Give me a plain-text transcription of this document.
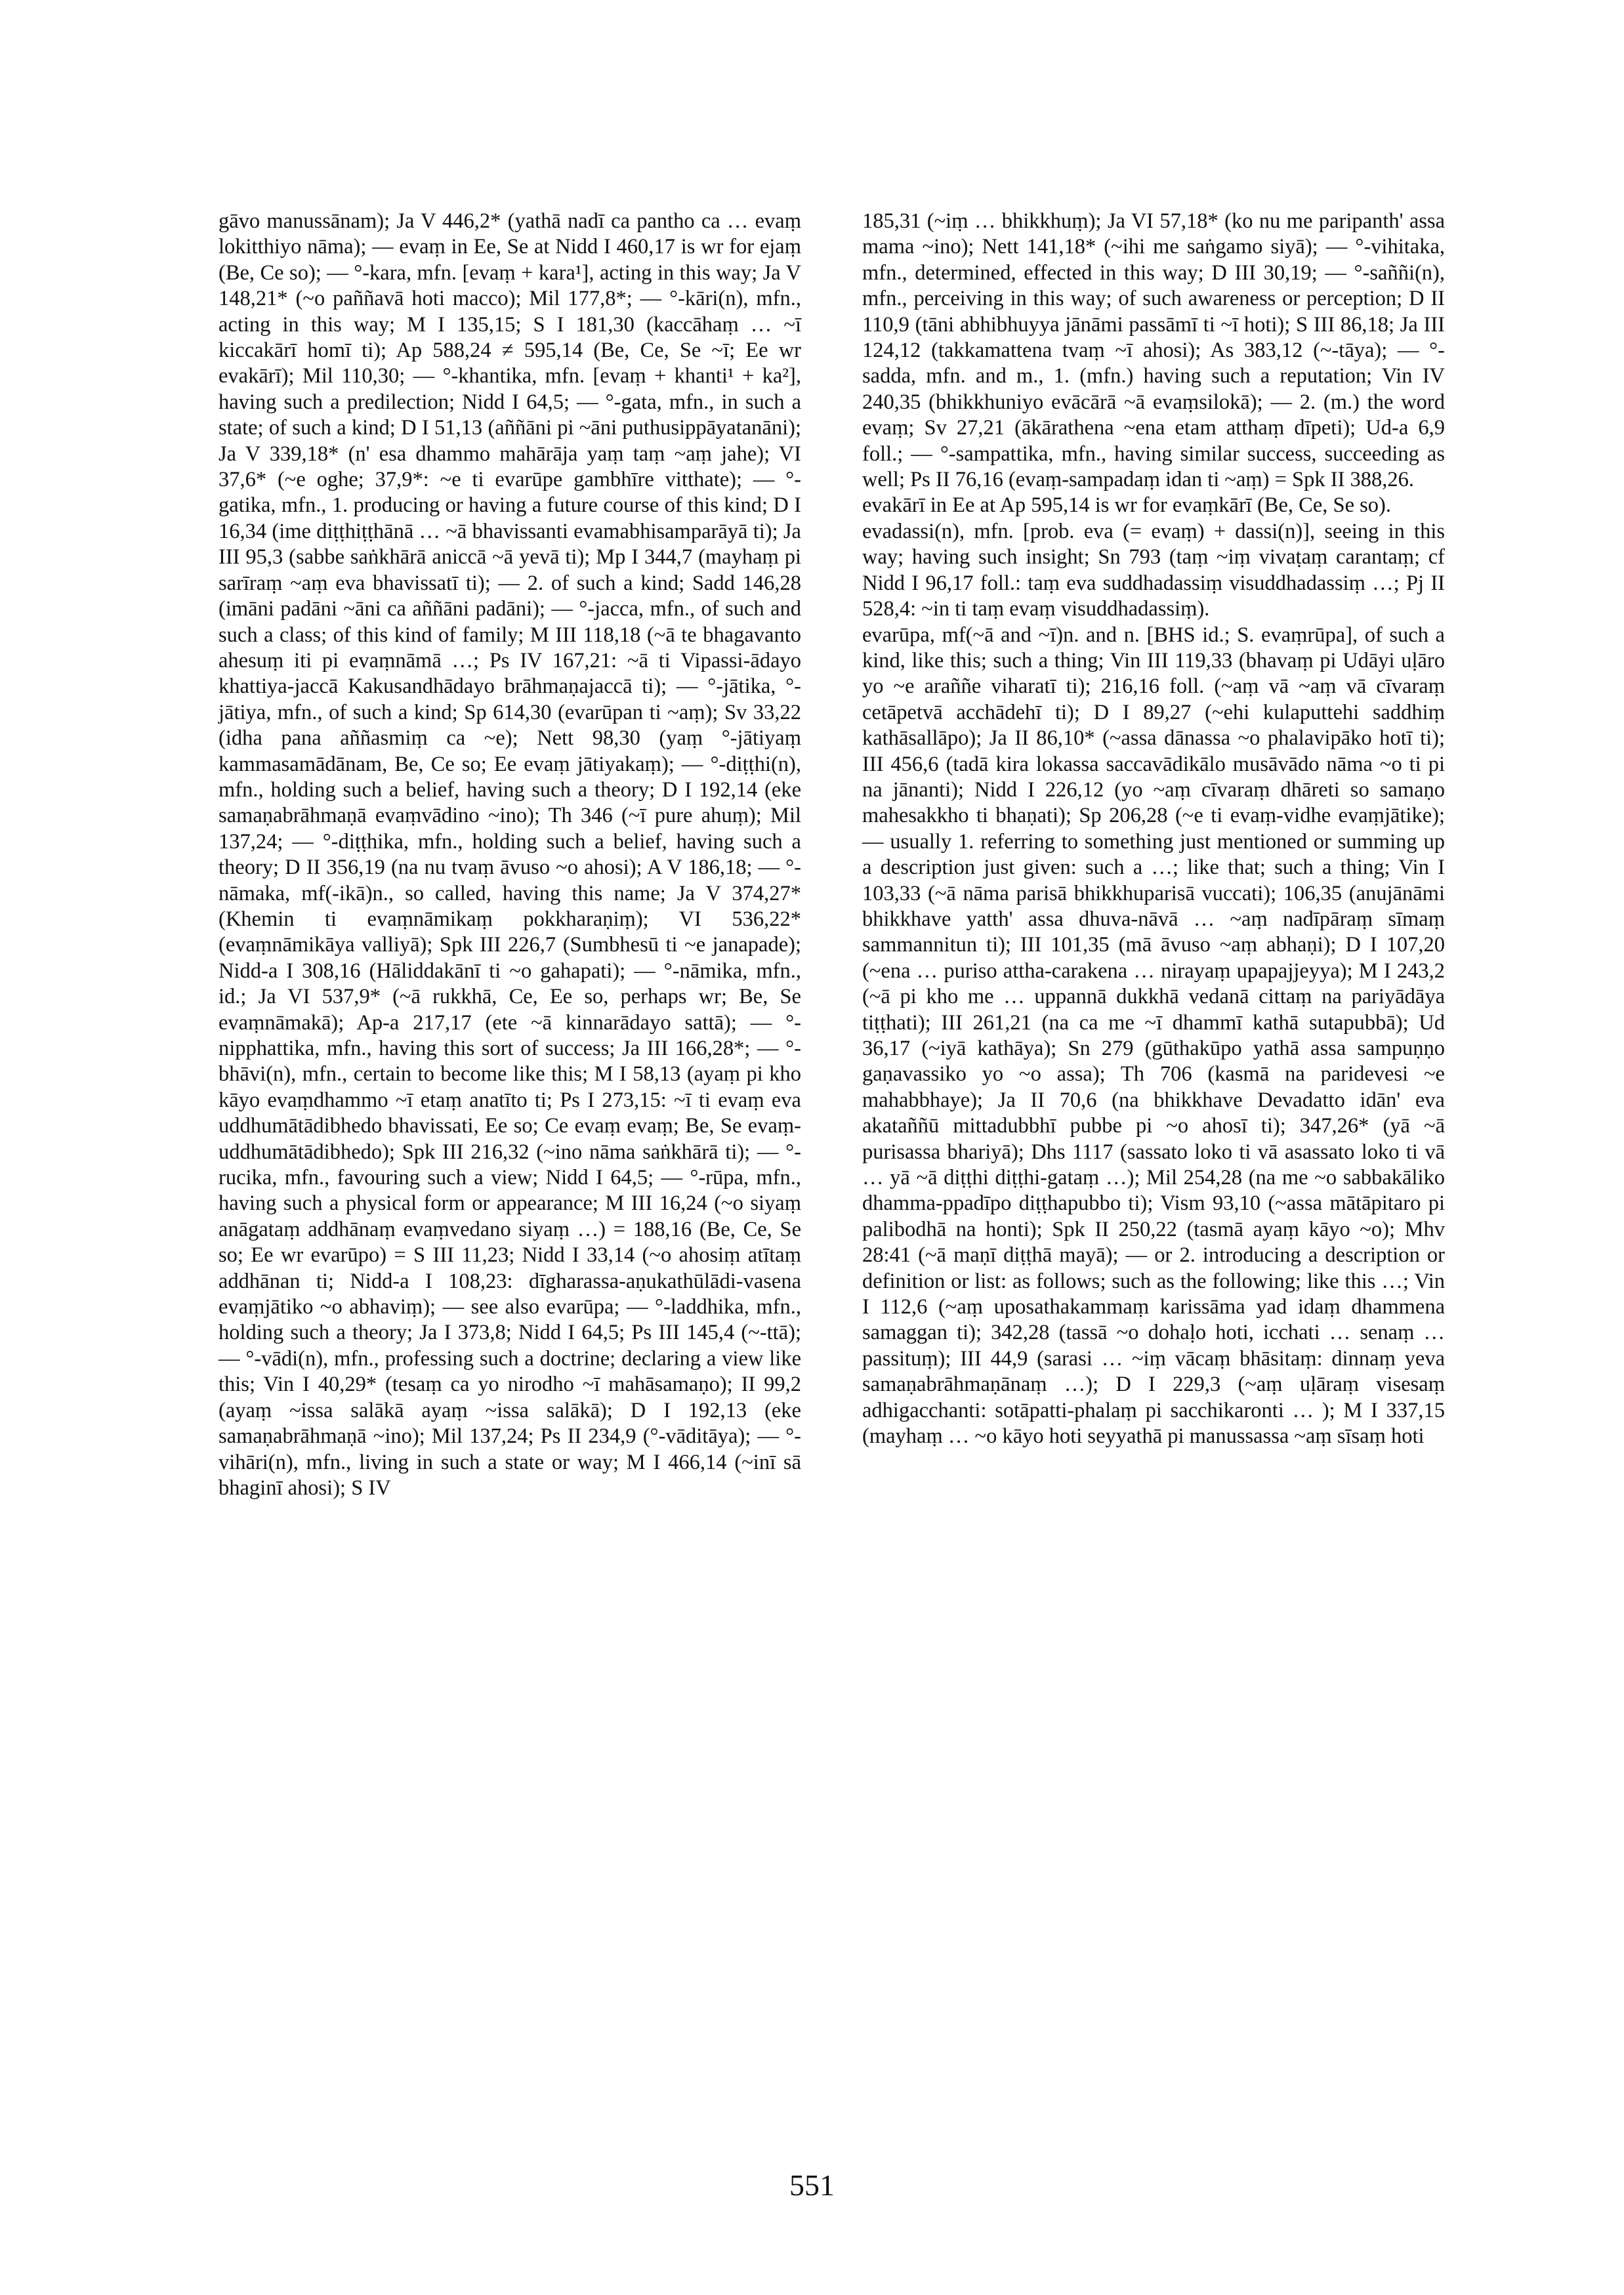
gāvo manussānam); Ja V 446,2* (yathā nadī ca pantho ca … evaṃ lokitthiyo nāma); — evaṃ in Ee, Se at Nidd I 460,17 is wr for ejaṃ (Be, Ce so); — °-kara, mfn. [evaṃ + kara¹], acting in this way; Ja V 148,21* (~o paññavā hoti macco); Mil 177,8*; — °-kāri(n), mfn., acting in this way; M I 135,15; S I 181,30 (kaccāhaṃ … ~ī kiccakārī homī ti); Ap 588,24 ≠ 595,14 (Be, Ce, Se ~ī; Ee wr evakārī); Mil 110,30; — °-khantika, mfn. [evaṃ + khanti¹ + ka²], having such a predilection; Nidd I 64,5; — °-gata, mfn., in such a state; of such a kind; D I 51,13 (aññāni pi ~āni puthusippāyatanāni); Ja V 339,18* (n' esa dhammo mahārāja yaṃ taṃ ~aṃ jahe); VI 37,6* (~e oghe; 37,9*: ~e ti evarūpe gambhīre vitthate); — °-gatika, mfn., 1. producing or having a future course of this kind; D I 16,34 (ime diṭṭhiṭṭhānā … ~ā bhavissanti evamabhisamparāyā ti); Ja III 95,3 (sabbe saṅkhārā aniccā ~ā yevā ti); Mp I 344,7 (mayhaṃ pi sarīraṃ ~aṃ eva bhavissatī ti); — 2. of such a kind; Sadd 146,28 (imāni padāni ~āni ca aññāni padāni); — °-jacca, mfn., of such and such a class; of this kind of family; M III 118,18 (~ā te bhagavanto ahesuṃ iti pi evaṃnāmā …; Ps IV 167,21: ~ā ti Vipassi-ādayo khattiya-jaccā Kakusandhādayo brāhmaṇajaccā ti); — °-jātika, °-jātiya, mfn., of such a kind; Sp 614,30 (evarūpan ti ~aṃ); Sv 33,22 (idha pana aññasmiṃ ca ~e); Nett 98,30 (yaṃ °-jātiyaṃ kammasamādānam, Be, Ce so; Ee evaṃ jātiyakaṃ); — °-diṭṭhi(n), mfn., holding such a belief, having such a theory; D I 192,14 (eke samaṇabrāhmaṇā evaṃvādino ~ino); Th 346 (~ī pure ahuṃ); Mil 137,24; — °-diṭṭhika, mfn., holding such a belief, having such a theory; D II 356,19 (na nu tvaṃ āvuso ~o ahosi); A V 186,18; — °-nāmaka, mf(-ikā)n., so called, having this name; Ja V 374,27* (Khemin ti evaṃnāmikaṃ pokkharaṇiṃ); VI 536,22* (evaṃnāmikāya valliyā); Spk III 226,7 (Sumbhesū ti ~e janapade); Nidd-a I 308,16 (Hāliddakānī ti ~o gahapati); — °-nāmika, mfn., id.; Ja VI 537,9* (~ā rukkhā, Ce, Ee so, perhaps wr; Be, Se evaṃnāmakā); Ap-a 217,17 (ete ~ā kinnarādayo sattā); — °-nipphattika, mfn., having this sort of success; Ja III 166,28*; — °-bhāvi(n), mfn., certain to become like this; M I 58,13 (ayaṃ pi kho kāyo evaṃdhammo ~ī etaṃ anatīto ti; Ps I 273,15: ~ī ti evaṃ eva uddhumātādibhedo bhavissati, Ee so; Ce evaṃ evaṃ; Be, Se evaṃ-uddhumātādibhedo); Spk III 216,32 (~ino nāma saṅkhārā ti); — °-rucika, mfn., favouring such a view; Nidd I 64,5; — °-rūpa, mfn., having such a physical form or appearance; M III 16,24 (~o siyaṃ anāgataṃ addhānaṃ evaṃvedano siyaṃ …) = 188,16 (Be, Ce, Se so; Ee wr evarūpo) = S III 11,23; Nidd I 33,14 (~o ahosiṃ atītaṃ addhānan ti; Nidd-a I 108,23: dīgharassa-aṇukathūlādi-vasena evaṃjātiko ~o abhaviṃ); — see also evarūpa; — °-laddhika, mfn., holding such a theory; Ja I 373,8; Nidd I 64,5; Ps III 145,4 (~-ttā); — °-vādi(n), mfn., professing such a doctrine; declaring a view like this; Vin I 40,29* (tesaṃ ca yo nirodho ~ī mahāsamaṇo); II 99,2 (ayaṃ ~issa salākā ayaṃ ~issa salākā); D I 192,13 (eke samaṇabrāhmaṇā ~ino); Mil 137,24; Ps II 234,9 (°-vāditāya); — °-vihāri(n), mfn., living in such a state or way; M I 466,14 (~inī sā bhaginī ahosi); S IV

185,31 (~iṃ … bhikkhuṃ); Ja VI 57,18* (ko nu me paripanth' assa mama ~ino); Nett 141,18* (~ihi me saṅgamo siyā); — °-vihitaka, mfn., determined, effected in this way; D III 30,19; — °-saññi(n), mfn., perceiving in this way; of such awareness or perception; D II 110,9 (tāni abhibhuyya jānāmi passāmī ti ~ī hoti); S III 86,18; Ja III 124,12 (takkamattena tvaṃ ~ī ahosi); As 383,12 (~-tāya); — °-sadda, mfn. and m., 1. (mfn.) having such a reputation; Vin IV 240,35 (bhikkhuniyo evācārā ~ā evaṃsilokā); — 2. (m.) the word evaṃ; Sv 27,21 (ākārathena ~ena etam atthaṃ dīpeti); Ud-a 6,9 foll.; — °-sampattika, mfn., having similar success, succeeding as well; Ps II 76,16 (evaṃ-sampadaṃ idan ti ~aṃ) = Spk II 388,26.

evakārī in Ee at Ap 595,14 is wr for evaṃkārī (Be, Ce, Se so).

evadassi(n), mfn. [prob. eva (= evaṃ) + dassi(n)], seeing in this way; having such insight; Sn 793 (taṃ ~iṃ vivaṭaṃ carantaṃ; cf Nidd I 96,17 foll.: taṃ eva suddhadassiṃ visuddhadassiṃ …; Pj II 528,4: ~in ti taṃ evaṃ visuddhadassiṃ).

evarūpa, mf(~ā and ~ī)n. and n. [BHS id.; S. evaṃrūpa], of such a kind, like this; such a thing; Vin III 119,33 (bhavaṃ pi Udāyi uḷāro yo ~e araññe viharatī ti); 216,16 foll. (~aṃ vā ~aṃ vā cīvaraṃ cetāpetvā acchādehī ti); D I 89,27 (~ehi kulaputtehi saddhiṃ kathāsallāpo); Ja II 86,10* (~assa dānassa ~o phalavipāko hotī ti); III 456,6 (tadā kira lokassa saccavādikālo musāvādo nāma ~o ti pi na jānanti); Nidd I 226,12 (yo ~aṃ cīvaraṃ dhāreti so samaṇo mahesakkho ti bhaṇati); Sp 206,28 (~e ti evaṃ-vidhe evaṃjātike); — usually 1. referring to something just mentioned or summing up a description just given: such a …; like that; such a thing; Vin I 103,33 (~ā nāma parisā bhikkhuparisā vuccati); 106,35 (anujānāmi bhikkhave yatth' assa dhuva-nāvā … ~aṃ nadīpāraṃ sīmaṃ sammannitun ti); III 101,35 (mā āvuso ~aṃ abhaṇi); D I 107,20 (~ena … puriso attha-carakena … nirayaṃ upapajjeyya); M I 243,2 (~ā pi kho me … uppannā dukkhā vedanā cittaṃ na pariyādāya tiṭṭhati); III 261,21 (na ca me ~ī dhammī kathā sutapubbā); Ud 36,17 (~iyā kathāya); Sn 279 (gūthakūpo yathā assa sampuṇṇo gaṇavassiko yo ~o assa); Th 706 (kasmā na paridevesi ~e mahabbhaye); Ja II 70,6 (na bhikkhave Devadatto idān' eva akataññū mittadubbhī pubbe pi ~o ahosī ti); 347,26* (yā ~ā purisassa bhariyā); Dhs 1117 (sassato loko ti vā asassato loko ti vā … yā ~ā diṭṭhi diṭṭhi-gataṃ …); Mil 254,28 (na me ~o sabbakāliko dhamma-ppadīpo diṭṭhapubbo ti); Vism 93,10 (~assa mātāpitaro pi palibodhā na honti); Spk II 250,22 (tasmā ayaṃ kāyo ~o); Mhv 28:41 (~ā maṇī diṭṭhā mayā); — or 2. introducing a description or definition or list: as follows; such as the following; like this …; Vin I 112,6 (~aṃ uposathakammaṃ karissāma yad idaṃ dhammena samaggan ti); 342,28 (tassā ~o dohaḷo hoti, icchati … senaṃ … passituṃ); III 44,9 (sarasi … ~iṃ vācaṃ bhāsitaṃ: dinnaṃ yeva samaṇabrāhmaṇānaṃ …); D I 229,3 (~aṃ uḷāraṃ visesaṃ adhigacchanti: sotāpatti-phalaṃ pi sacchikaronti … ); M I 337,15 (mayhaṃ … ~o kāyo hoti seyyathā pi manussassa ~aṃ sīsaṃ hoti

551
